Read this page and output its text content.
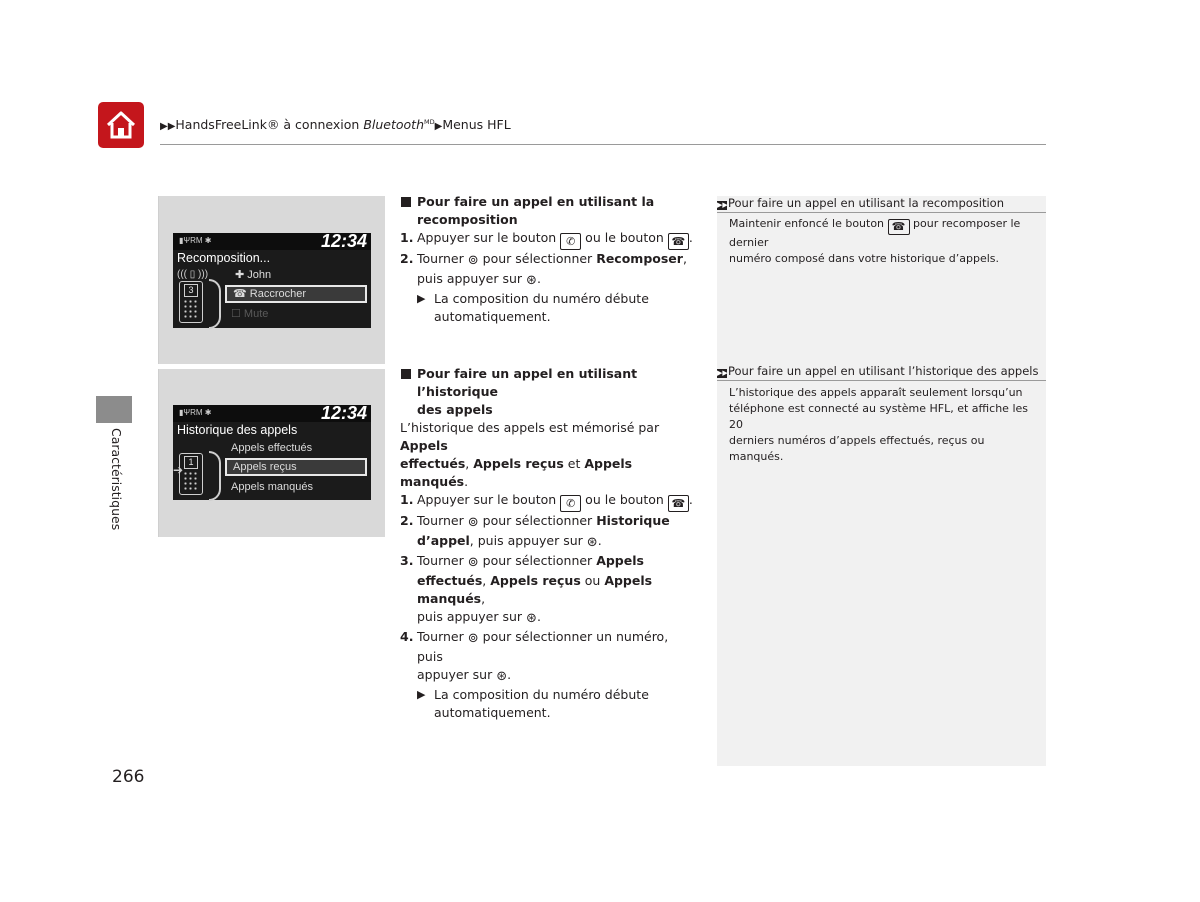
▶▶HandsFreeLink® à connexion Bluetooth$^{MD}$▶Menus HFL
Caractéristiques
▮ΨRM ✱	12:34
Recomposition...
✚ John
((( ▯ )))
☎ Raccrocher
☐ Mute
3
▮ΨRM ✱	12:34
Historique des appels
Appels effectués
Appels reçus
Appels manqués
1
➔
Pour faire un appel en utilisant la
recomposition
1. Appuyer sur le bouton ✆ ou le bouton ☎ .
2. Tourner ⊚ pour sélectionner Recomposer,
puis appuyer sur ⊛.
▶ La composition du numéro débute
automatiquement.
Pour faire un appel en utilisant l’historique
des appels
L’historique des appels est mémorisé par Appels
effectués, Appels reçus et Appels manqués.
1. Appuyer sur le bouton ✆ ou le bouton ☎ .
2. Tourner ⊚ pour sélectionner Historique
d’appel, puis appuyer sur ⊛.
3. Tourner ⊚ pour sélectionner Appels
effectués, Appels reçus ou Appels manqués,
puis appuyer sur ⊛.
4. Tourner ⊚ pour sélectionner un numéro, puis
appuyer sur ⊛.
▶ La composition du numéro débute
automatiquement.
▶▶Pour faire un appel en utilisant la recomposition
Maintenir enfoncé le bouton ☎ pour recomposer le dernier
numéro composé dans votre historique d’appels.
▶▶Pour faire un appel en utilisant l’historique des appels
L’historique des appels apparaît seulement lorsqu’un
téléphone est connecté au système HFL, et affiche les 20
derniers numéros d’appels effectués, reçus ou manqués.
266
